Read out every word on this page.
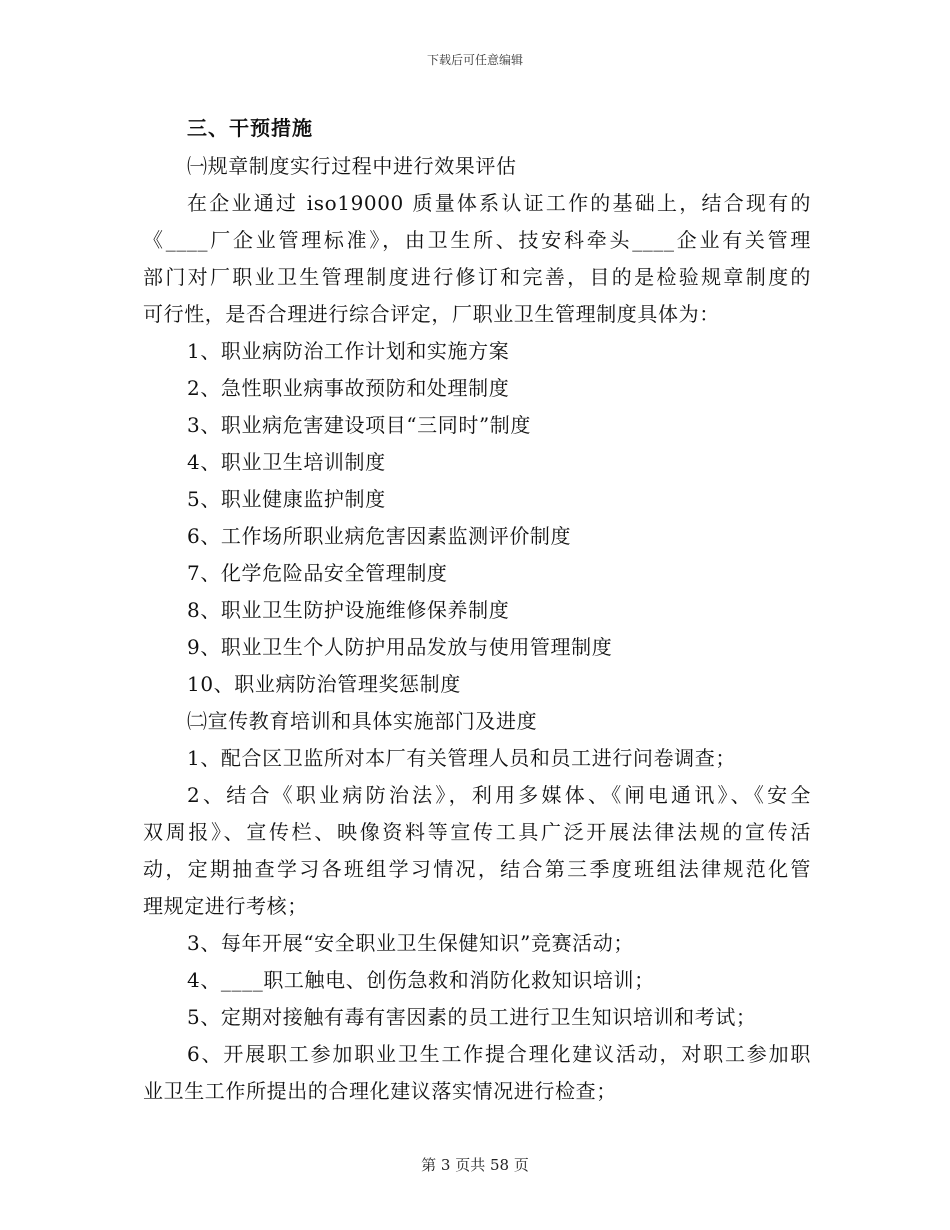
下载后可任意编辑
三、干预措施
㈠规章制度实行过程中进行效果评估
在企业通过 iso19000 质量体系认证工作的基础上，结合现有的
《____厂企业管理标准》，由卫生所、技安科牵头____企业有关管理
部门对厂职业卫生管理制度进行修订和完善，目的是检验规章制度的
可行性，是否合理进行综合评定，厂职业卫生管理制度具体为：
1、职业病防治工作计划和实施方案
2、急性职业病事故预防和处理制度
3、职业病危害建设项目“三同时”制度
4、职业卫生培训制度
5、职业健康监护制度
6、工作场所职业病危害因素监测评价制度
7、化学危险品安全管理制度
8、职业卫生防护设施维修保养制度
9、职业卫生个人防护用品发放与使用管理制度
10、职业病防治管理奖惩制度
㈡宣传教育培训和具体实施部门及进度
1、配合区卫监所对本厂有关管理人员和员工进行问卷调查；
2、结合《职业病防治法》，利用多媒体、《闸电通讯》、《安全
双周报》、宣传栏、映像资料等宣传工具广泛开展法律法规的宣传活
动，定期抽查学习各班组学习情况，结合第三季度班组法律规范化管
理规定进行考核；
3、每年开展“安全职业卫生保健知识”竞赛活动；
4、____职工触电、创伤急救和消防化救知识培训；
5、定期对接触有毒有害因素的员工进行卫生知识培训和考试；
6、开展职工参加职业卫生工作提合理化建议活动，对职工参加职
业卫生工作所提出的合理化建议落实情况进行检查；
第 3 页共 58 页
